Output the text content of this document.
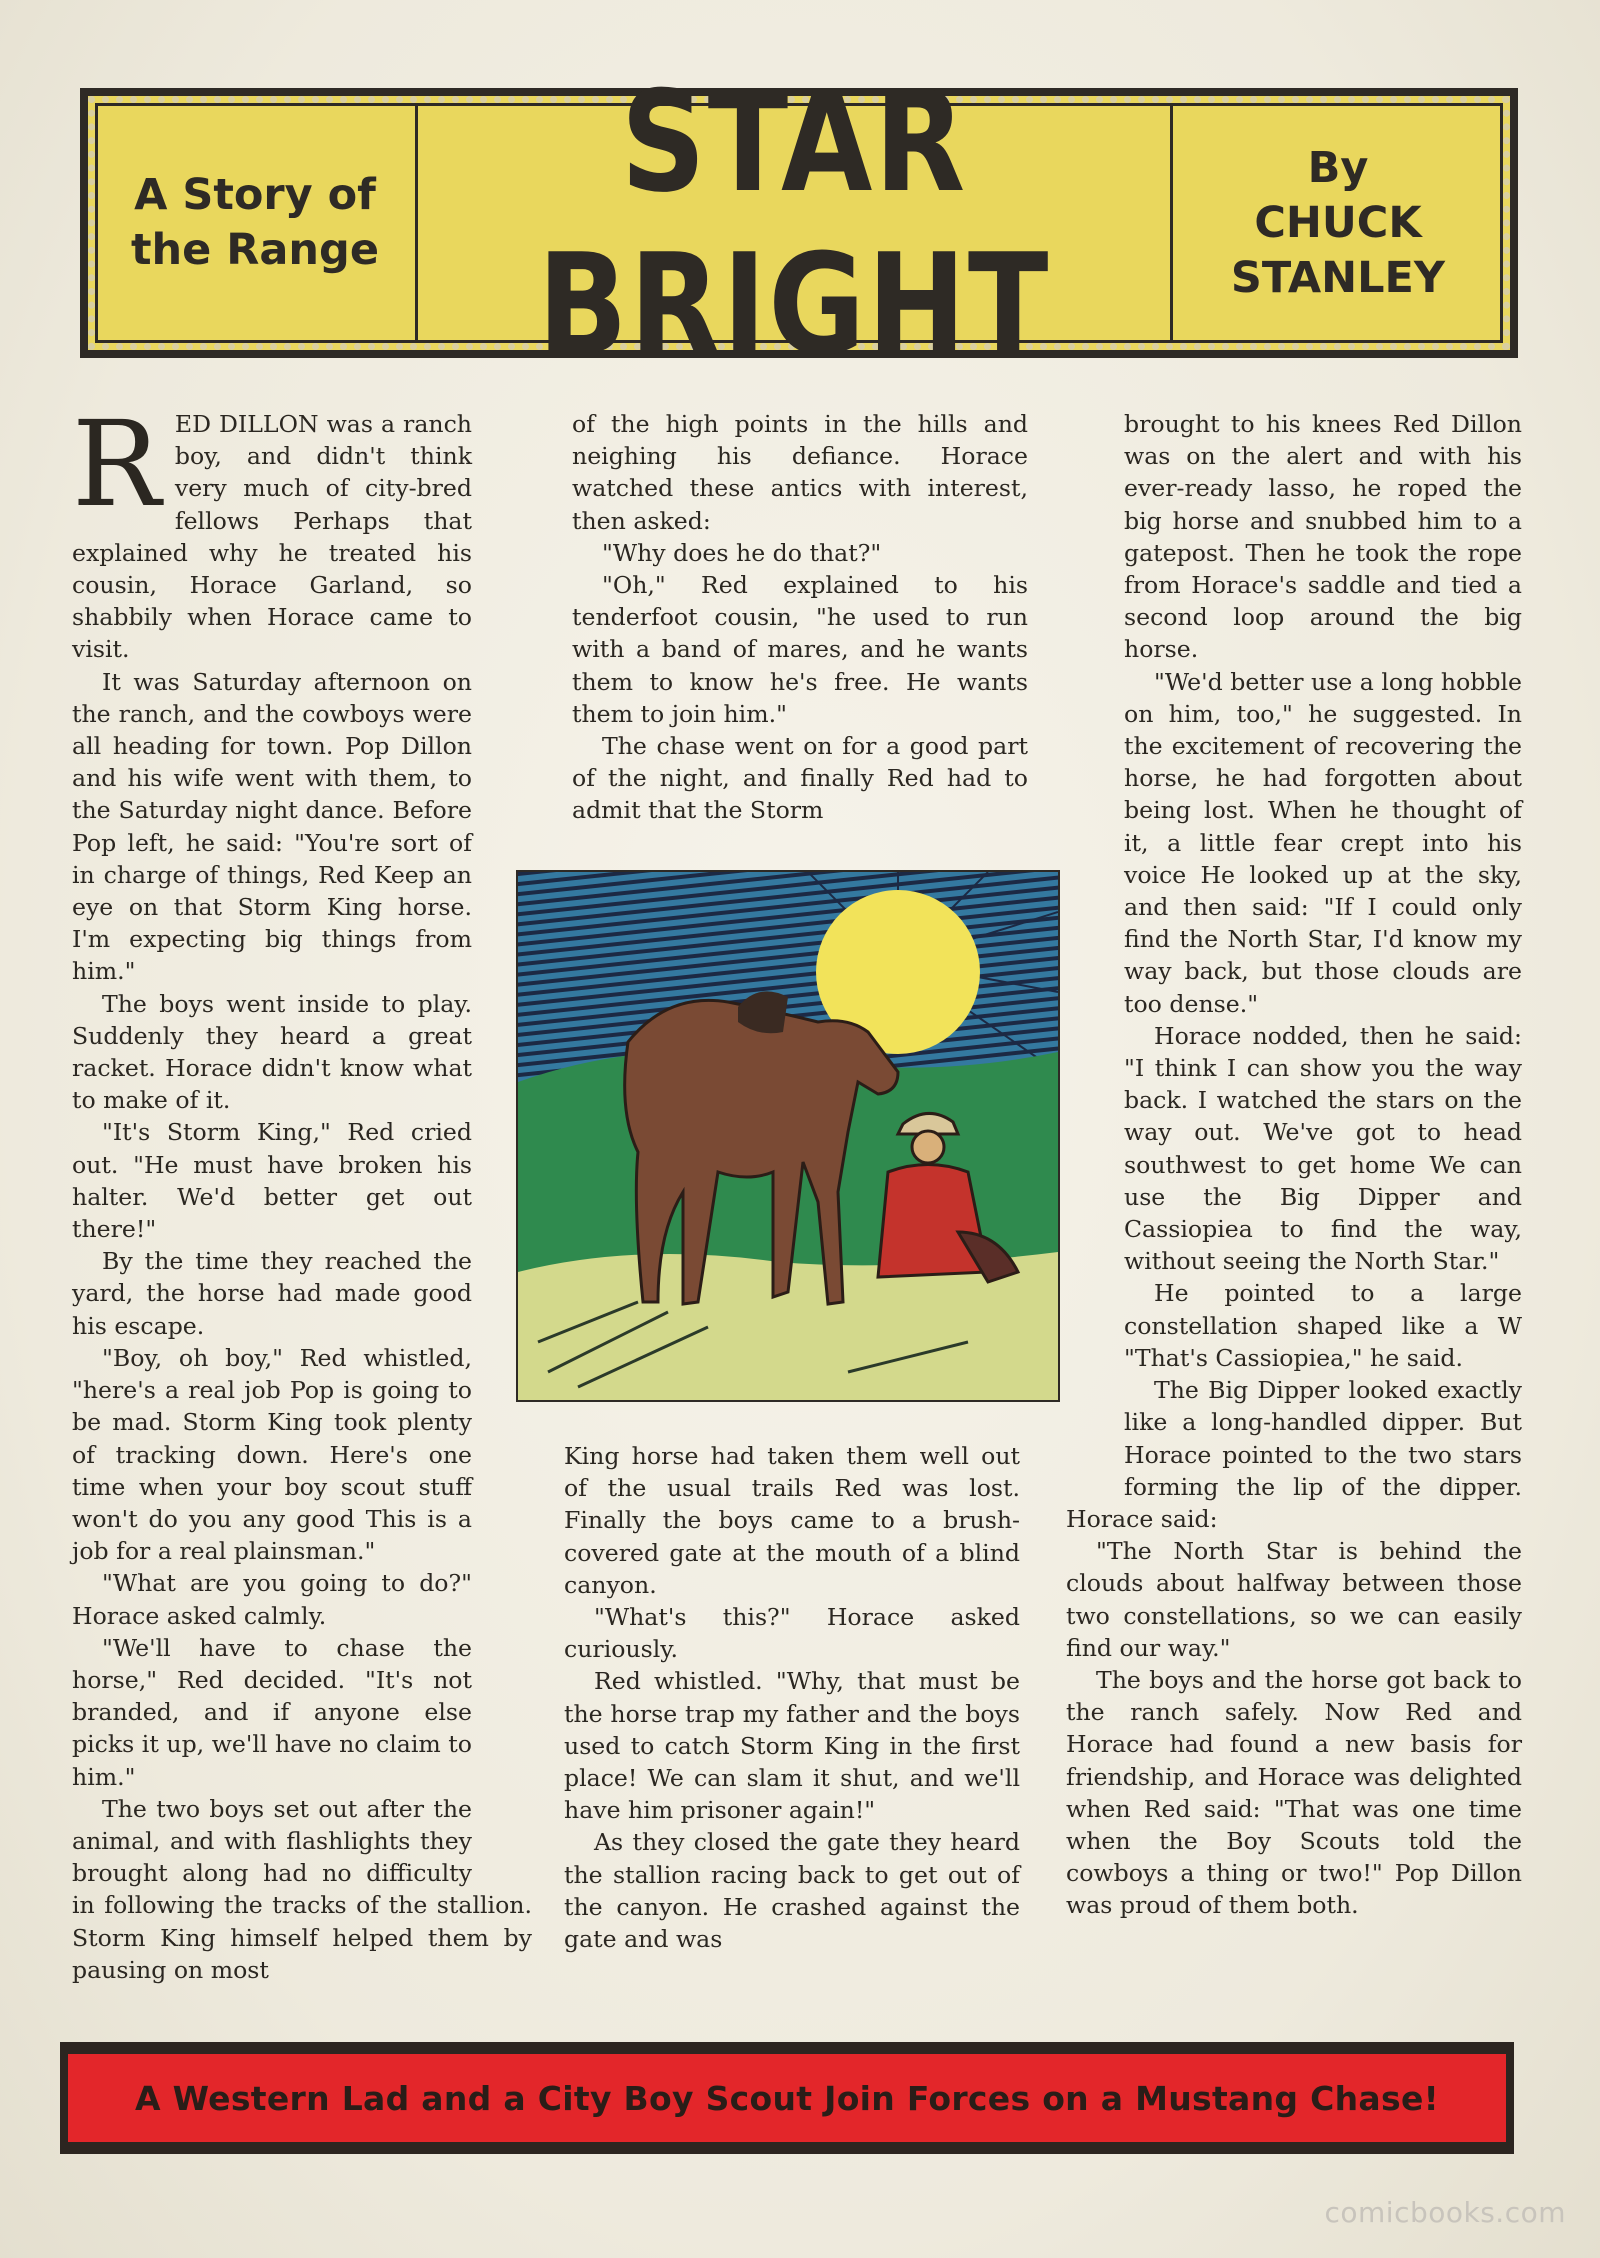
A Story of the Range
STAR BRIGHT
By
CHUCK STANLEY
R ED DILLON was a ranch boy, and didn't think very much of city-bred fellows Perhaps that explained why he treated his cousin, Horace Garland, so shabbily when Horace came to visit.

It was Saturday afternoon on the ranch, and the cowboys were all heading for town. Pop Dillon and his wife went with them, to the Saturday night dance. Before Pop left, he said: "You're sort of in charge of things, Red Keep an eye on that Storm King horse. I'm expecting big things from him."

The boys went inside to play. Suddenly they heard a great racket. Horace didn't know what to make of it.

"It's Storm King," Red cried out. "He must have broken his halter. We'd better get out there!"

By the time they reached the yard, the horse had made good his escape.

"Boy, oh boy," Red whistled, "here's a real job Pop is going to be mad. Storm King took plenty of tracking down. Here's one time when your boy scout stuff won't do you any good This is a job for a real plainsman."

"What are you going to do?" Horace asked calmly.

"We'll have to chase the horse," Red decided. "It's not branded, and if anyone else picks it up, we'll have no claim to him."

The two boys set out after the animal, and with flashlights they brought along had no difficulty in following the tracks of the stallion. Storm King himself helped them by pausing on most

of the high points in the hills and neighing his defiance. Horace watched these antics with interest, then asked:

"Why does he do that?"

"Oh," Red explained to his tenderfoot cousin, "he used to run with a band of mares, and he wants them to know he's free. He wants them to join him."

The chase went on for a good part of the night, and finally Red had to admit that the Storm

King horse had taken them well out of the usual trails Red was lost. Finally the boys came to a brush-covered gate at the mouth of a blind canyon.

"What's this?" Horace asked curiously.

Red whistled. "Why, that must be the horse trap my father and the boys used to catch Storm King in the first place! We can slam it shut, and we'll have him prisoner again!"

As they closed the gate they heard the stallion racing back to get out of the canyon. He crashed against the gate and was

brought to his knees Red Dillon was on the alert and with his ever-ready lasso, he roped the big horse and snubbed him to a gatepost. Then he took the rope from Horace's saddle and tied a second loop around the big horse.

"We'd better use a long hobble on him, too," he suggested. In the excitement of recovering the horse, he had forgotten about being lost. When he thought of it, a little fear crept into his voice He looked up at the sky, and then said: "If I could only find the North Star, I'd know my way back, but those clouds are too dense."

Horace nodded, then he said: "I think I can show you the way back. I watched the stars on the way out. We've got to head southwest to get home We can use the Big Dipper and Cassiopiea to find the way, without seeing the North Star."

He pointed to a large constellation shaped like a W "That's Cassiopiea," he said.

The Big Dipper looked exactly like a long-handled dipper. But Horace pointed to the two stars forming the lip of the dipper. Horace said:

"The North Star is behind the clouds about halfway between those two constellations, so we can easily find our way."

The boys and the horse got back to the ranch safely. Now Red and Horace had found a new basis for friendship, and Horace was delighted when Red said: "That was one time when the Boy Scouts told the cowboys a thing or two!" Pop Dillon was proud of them both.

A Western Lad and a City Boy Scout Join Forces on a Mustang Chase!
comicbooks.com
